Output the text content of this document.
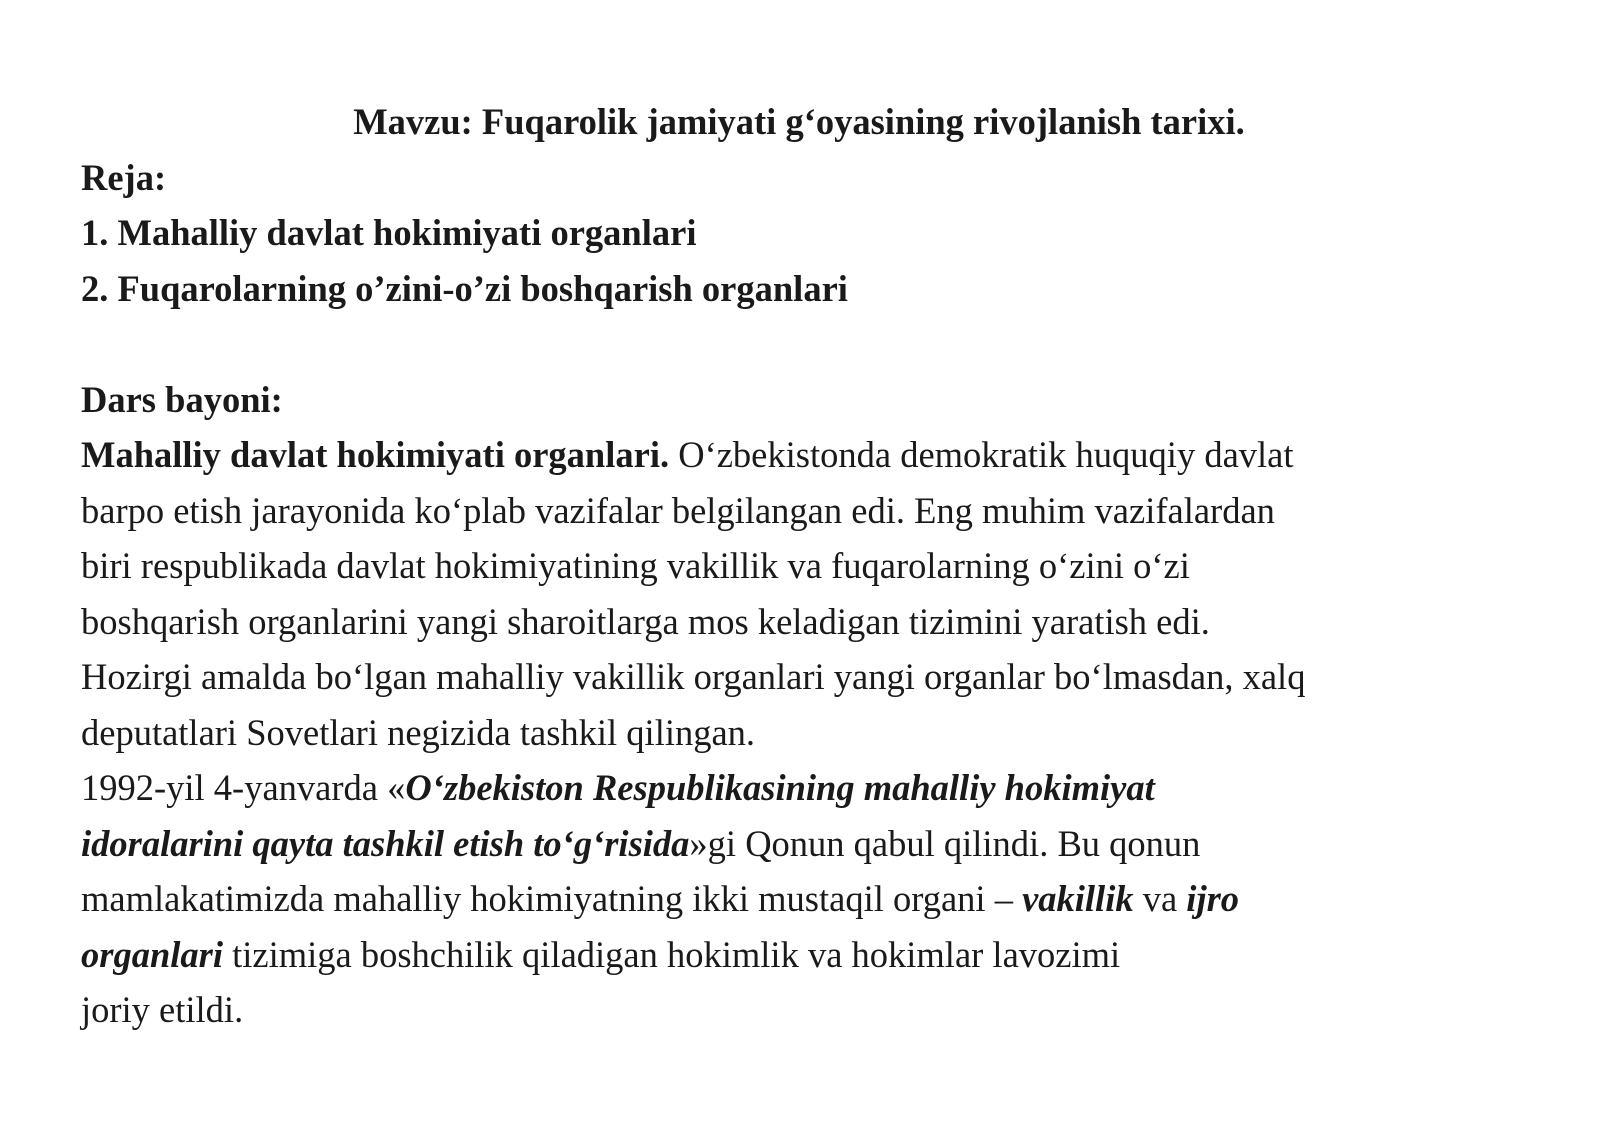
Mavzu: Fuqarolik jamiyati g‘oyasining rivojlanish tarixi.
Reja:
1. Mahalliy davlat hokimiyati organlari
2. Fuqarolarning o’zini-o’zi boshqarish organlari
Dars bayoni:
Mahalliy davlat hokimiyati organlari. O‘zbekistonda demokratik huquqiy davlat
barpo etish jarayonida ko‘plab vazifalar belgilangan edi. Eng muhim vazifalardan
biri respublikada davlat hokimiyatining vakillik va fuqarolarning o‘zini o‘zi
boshqarish organlarini yangi sharoitlarga mos keladigan tizimini yaratish edi.
Hozirgi amalda bo‘lgan mahalliy vakillik organlari yangi organlar bo‘lmasdan, xalq
deputatlari Sovetlari negizida tashkil qilingan.
1992-yil 4-yanvarda «O‘zbekiston Respublikasining mahalliy hokimiyat
idoralarini qayta tashkil etish to‘g‘risida»gi Qonun qabul qilindi. Bu qonun
mamlakatimizda mahalliy hokimiyatning ikki mustaqil organi – vakillik va ijro
organlari tizimiga boshchilik qiladigan hokimlik va hokimlar lavozimi
joriy etildi.
